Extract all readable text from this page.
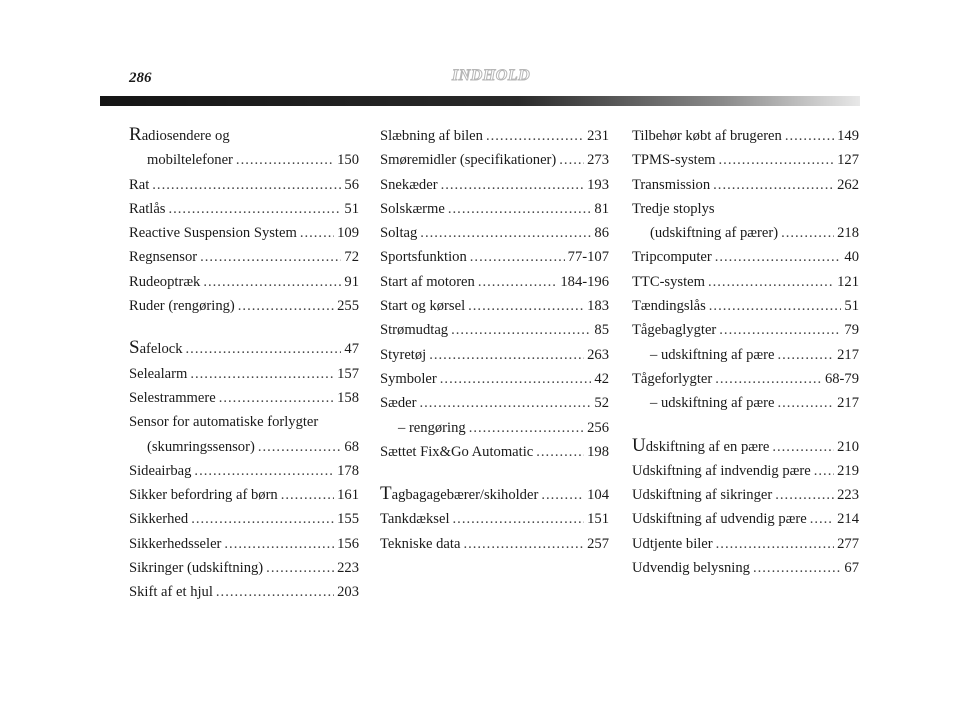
286	INDHOLD
R adiosendere og
mobiltelefoner .....	150
Rat .....	56
Ratlås .....	51
Reactive Suspension System .....	109
Regnsensor .....	72
Rudeoptræk .....	91
Ruder (rengøring) .....	255
Safelock .....	47
Selealarm .....	157
Selestrammere .....	158
Sensor for automatiske forlygter
(skumringssensor) .....	68
Sideairbag .....	178
Sikker befordring af børn .....	161
Sikkerhed .....	155
Sikkerhedsseler .....	156
Sikringer (udskiftning) .....	223
Skift af et hjul .....	203
Slæbning af bilen .....	231
Smøremidler (specifikationer) ..... 273
Snekæder .....	193
Solskærme .....	81
Soltag .....	86
Sportsfunktion .....	77-107
Start af motoren .....	184-196
Start og kørsel .....	183
Strømudtag .....	85
Styretøj .....	263
Symboler .....	42
Sæder .....	52
– rengøring .....	256
Sættet Fix&Go Automatic .....	198
Tagbagagebærer/skiholder .....	104
Tankdæksel .....	151
Tekniske data .....	257
Tilbehør købt af brugeren .....	149
TPMS-system .....	127
Transmission .....	262
Tredje stoplys
(udskiftning af pærer) .....	218
Tripcomputer .....	40
TTC-system .....	121
Tændingslås .....	51
Tågebaglygter .....	79
– udskiftning af pære .....	217
Tågeforlygter .....	68-79
– udskiftning af pære .....	217
Udskiftning af en pære .....	210
Udskiftning af indvendig pære ..... 219
Udskiftning af sikringer .....	223
Udskiftning af udvendig pære ..... 214
Udtjente biler .....	277
Udvendig belysning .....	67
